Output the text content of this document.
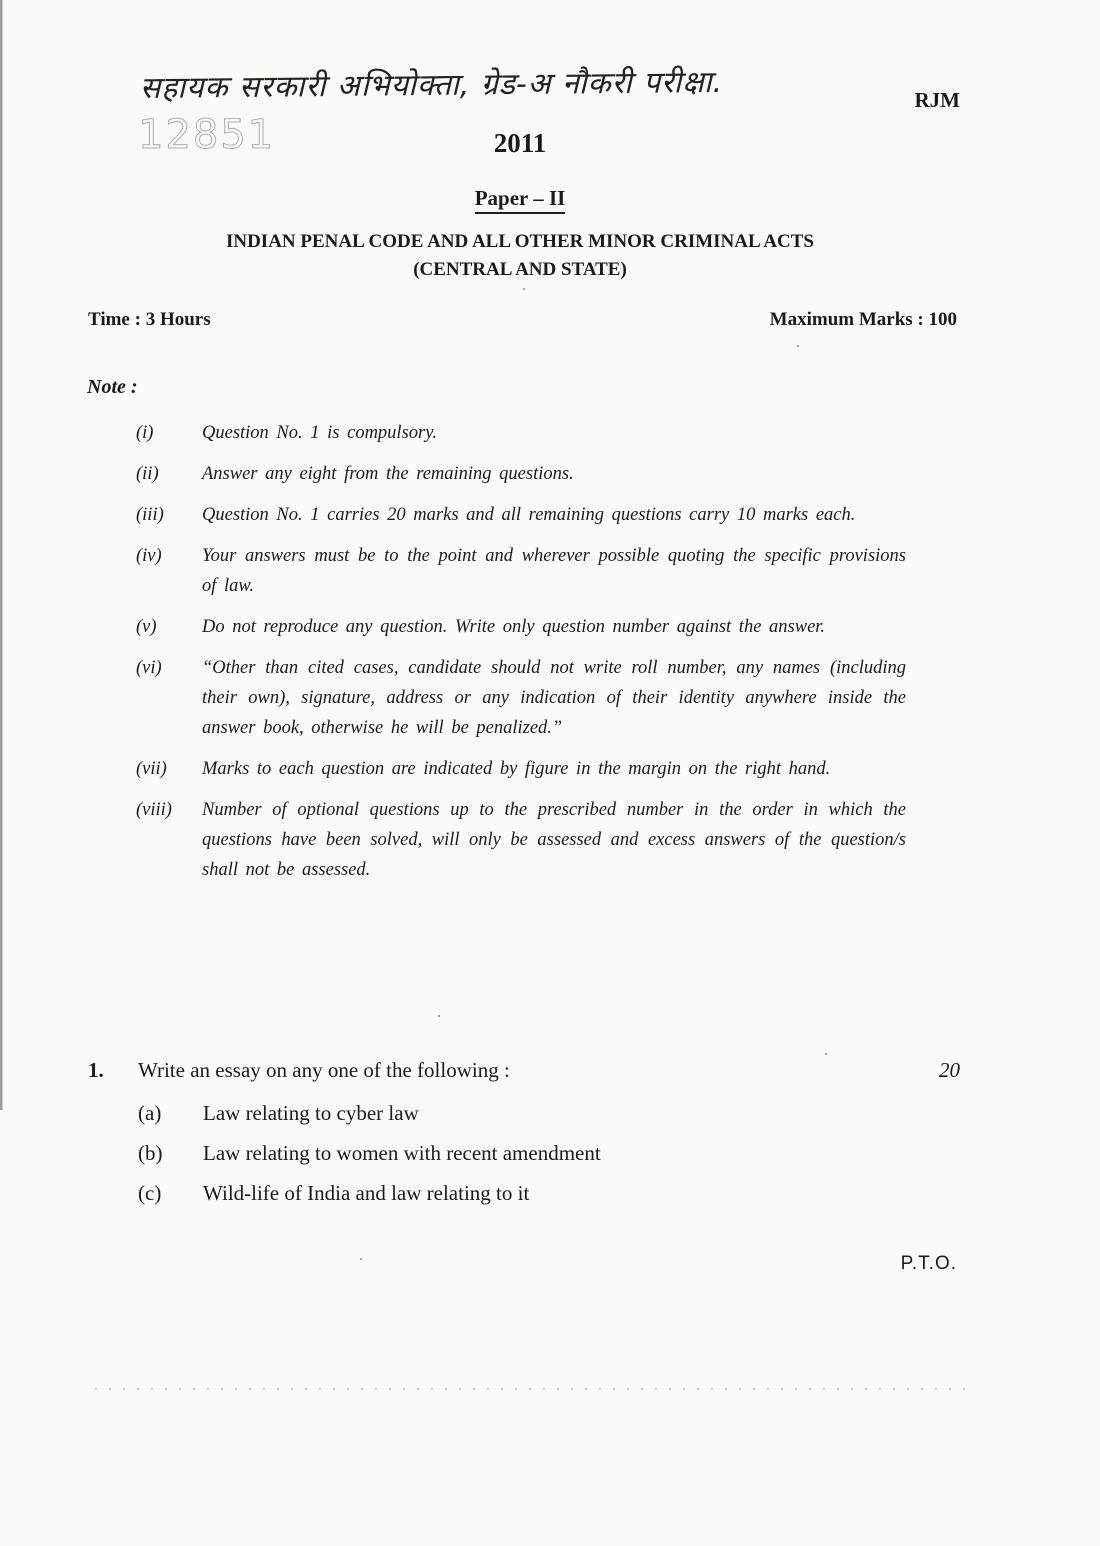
सहायक सरकारी अभियोक्ता, ग्रेड-अ नौकरी परीक्षा.	RJM
12851	2011
Paper – II
INDIAN PENAL CODE AND ALL OTHER MINOR CRIMINAL ACTS
(CENTRAL AND STATE)
Time : 3 Hours	Maximum Marks : 100
Note :
(i)	Question No. 1 is compulsory.
(ii)	Answer any eight from the remaining questions.
(iii)	Question No. 1 carries 20 marks and all remaining questions carry 10 marks each.
(iv)	Your answers must be to the point and wherever possible quoting the specific provisions of law.
(v)	Do not reproduce any question. Write only question number against the answer.
(vi)	“Other than cited cases, candidate should not write roll number, any names (including their own), signature, address or any indication of their identity anywhere inside the answer book, otherwise he will be penalized.”
(vii)	Marks to each question are indicated by figure in the margin on the right hand.
(viii)	Number of optional questions up to the prescribed number in the order in which the questions have been solved, will only be assessed and excess answers of the question/s shall not be assessed.
1.	Write an essay on any one of the following :	20
(a)	Law relating to cyber law
(b)	Law relating to women with recent amendment
(c)	Wild-life of India and law relating to it
P.T.O.
